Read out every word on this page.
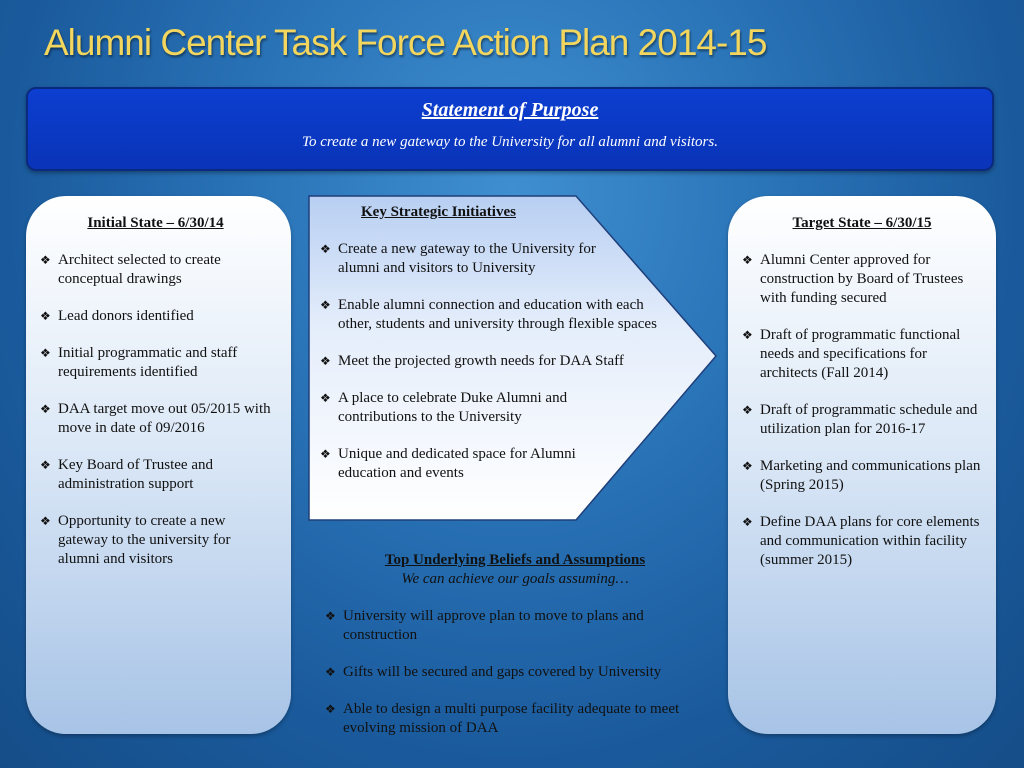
Alumni Center Task Force Action Plan 2014-15
Statement of Purpose
To create a new gateway to the University for all alumni and visitors.
Initial State – 6/30/14
❖ Architect selected to create conceptual drawings
❖ Lead donors identified
❖ Initial programmatic and staff requirements identified
❖ DAA target move out 05/2015 with move in date of 09/2016
❖ Key Board of Trustee and administration support
❖ Opportunity to create a new gateway to the university for alumni and visitors
Key Strategic Initiatives
❖ Create a new gateway to the University for alumni and visitors to University
❖ Enable alumni connection and education with each other, students and university through flexible spaces
❖ Meet the projected growth needs for DAA Staff
❖ A place to celebrate Duke Alumni and contributions to the University
❖ Unique and dedicated space for Alumni education and events
Target State – 6/30/15
❖ Alumni Center approved for construction by Board of Trustees with funding secured
❖ Draft of programmatic functional needs and specifications for architects (Fall 2014)
❖ Draft of programmatic schedule and utilization plan for 2016-17
❖ Marketing and communications plan (Spring 2015)
❖ Define DAA plans for core elements and communication within facility (summer 2015)
Top Underlying Beliefs and Assumptions
We can achieve our goals assuming…
❖ University will approve plan to move to plans and construction
❖ Gifts will be secured and gaps covered by University
❖ Able to design a multi purpose facility adequate to meet evolving mission of DAA
